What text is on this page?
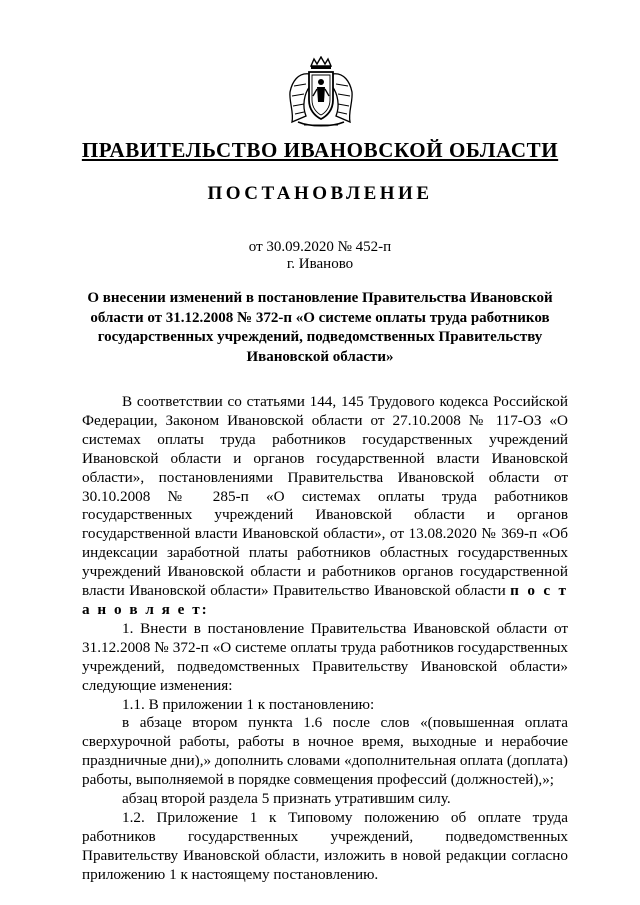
ПРАВИТЕЛЬСТВО ИВАНОВСКОЙ ОБЛАСТИ
ПОСТАНОВЛЕНИЕ
от 30.09.2020 № 452-п
г. Иваново
О внесении изменений в постановление Правительства Ивановской области от 31.12.2008 № 372-п «О системе оплаты труда работников государственных учреждений, подведомственных Правительству Ивановской области»

В соответствии со статьями 144, 145 Трудового кодекса Российской Федерации, Законом Ивановской области от 27.10.2008 № 117-ОЗ «О системах оплаты труда работников государственных учреждений Ивановской области и органов государственной власти Ивановской области», постановлениями Правительства Ивановской области от 30.10.2008 № 285-п «О системах оплаты труда работников государственных учреждений Ивановской области и органов государственной власти Ивановской области», от 13.08.2020 № 369-п «Об индексации заработной платы работников областных государственных учреждений Ивановской области и работников органов государственной власти Ивановской области» Правительство Ивановской области п о с т а н о в л я е т:

1. Внести в постановление Правительства Ивановской области от 31.12.2008 № 372-п «О системе оплаты труда работников государственных учреждений, подведомственных Правительству Ивановской области» следующие изменения:

1.1. В приложении 1 к постановлению:

в абзаце втором пункта 1.6 после слов «(повышенная оплата сверхурочной работы, работы в ночное время, выходные и нерабочие праздничные дни),» дополнить словами «дополнительная оплата (доплата) работы, выполняемой в порядке совмещения профессий (должностей),»;

абзац второй раздела 5 признать утратившим силу.

1.2. Приложение 1 к Типовому положению об оплате труда работников государственных учреждений, подведомственных Правительству Ивановской области, изложить в новой редакции согласно приложению 1 к настоящему постановлению.
